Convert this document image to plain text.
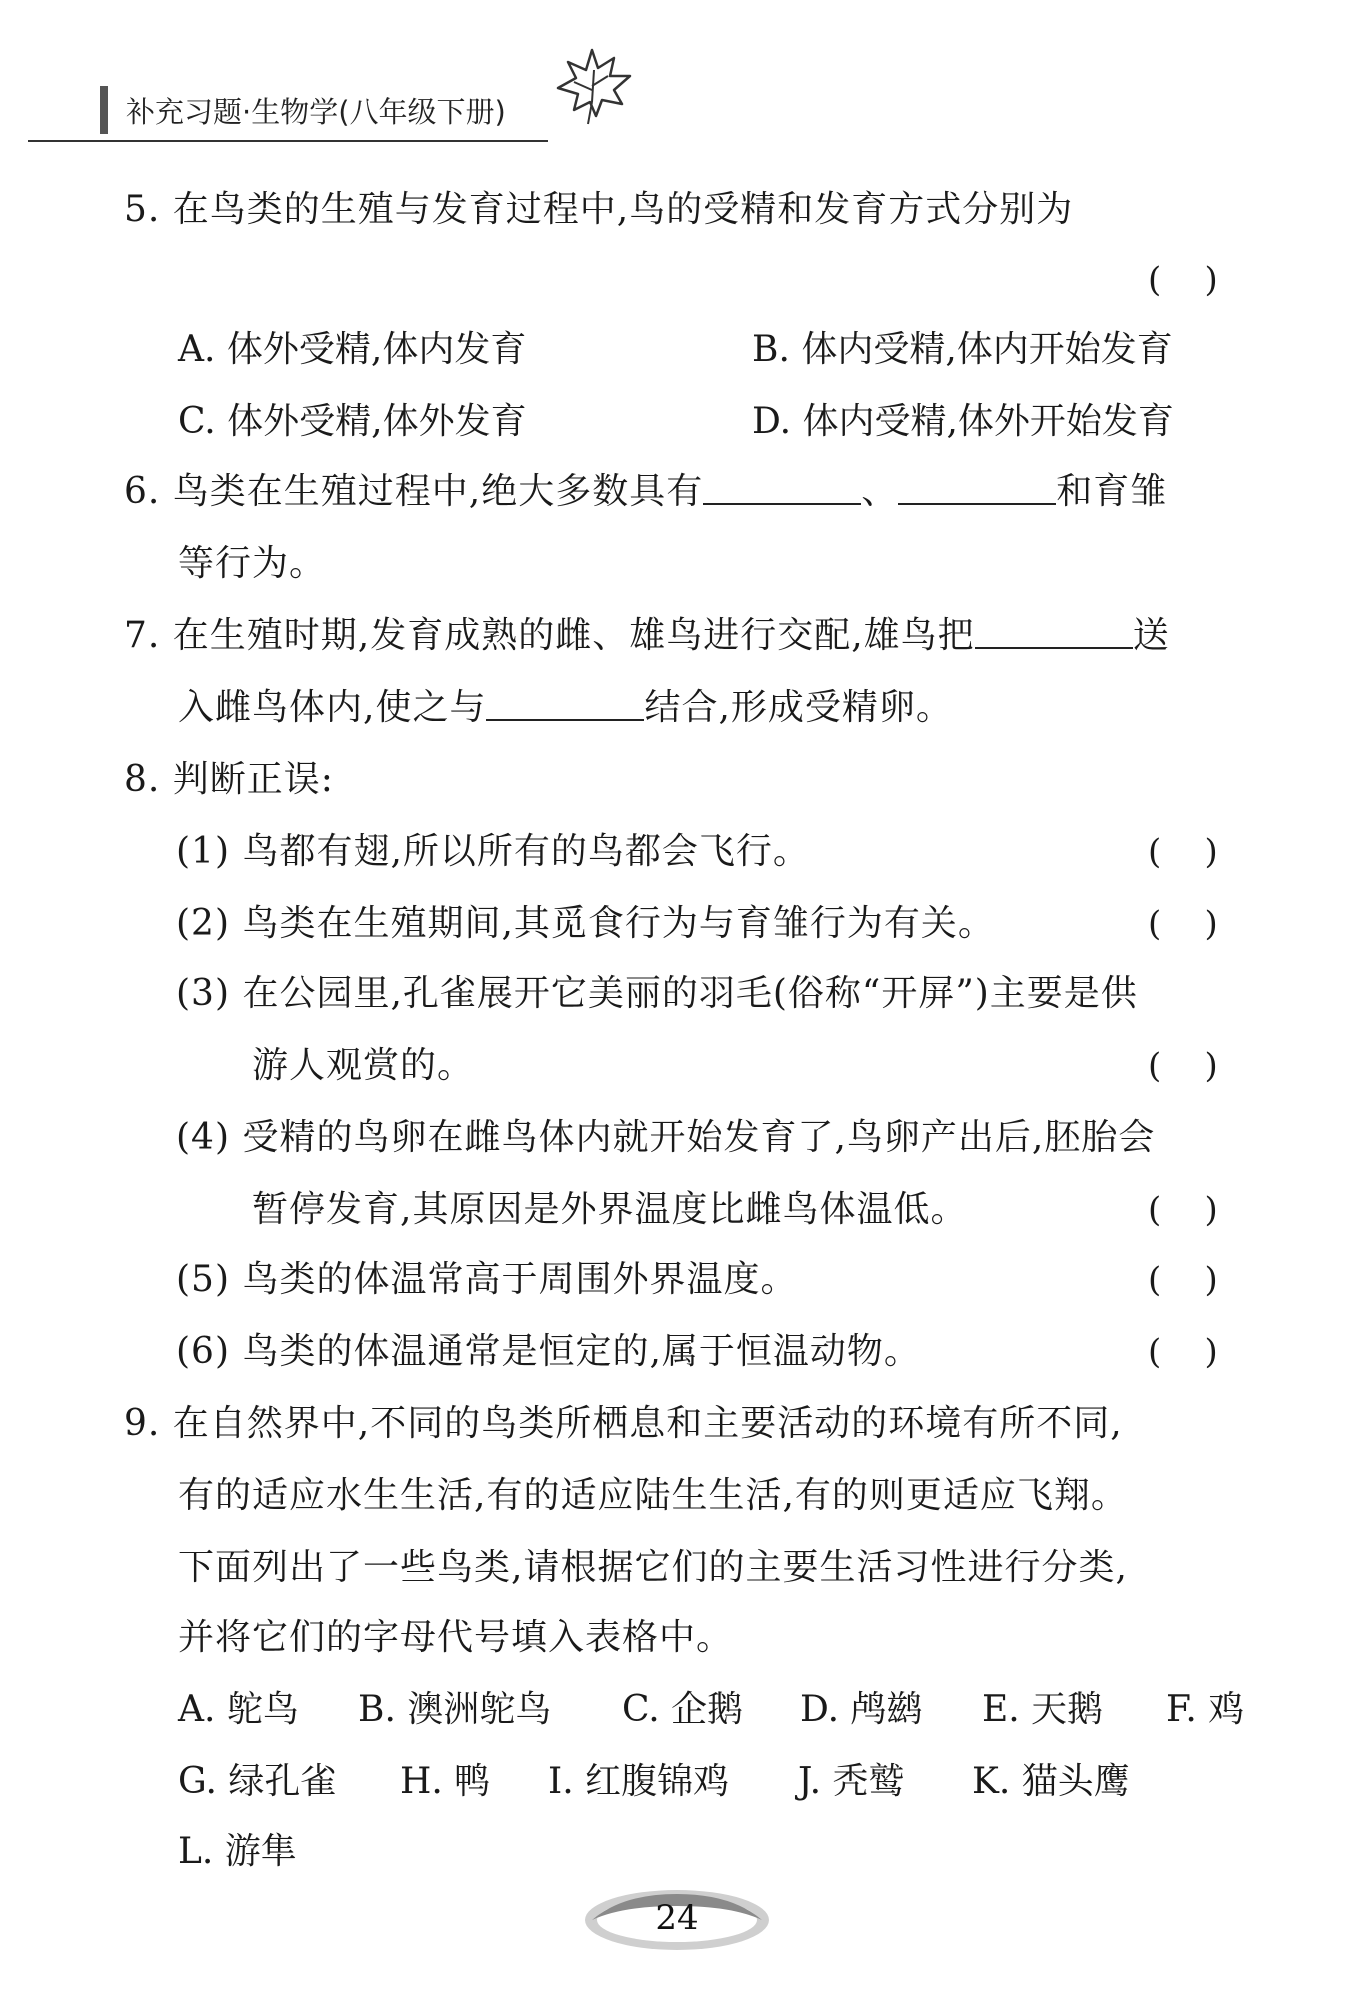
补充习题·生物学(八年级下册)
5. 在鸟类的生殖与发育过程中,鸟的受精和发育方式分别为
(    )
A. 体外受精,体内发育	B. 体内受精,体内开始发育
C. 体外受精,体外发育	D. 体内受精,体外开始发育
6. 鸟类在生殖过程中,绝大多数具有	、	和育雏
等行为。
7. 在生殖时期,发育成熟的雌、雄鸟进行交配,雄鸟把	送
入雌鸟体内,使之与	结合,形成受精卵。
8. 判断正误:
(1) 鸟都有翅,所以所有的鸟都会飞行。	(    )
(2) 鸟类在生殖期间,其觅食行为与育雏行为有关。	(    )
(3) 在公园里,孔雀展开它美丽的羽毛(俗称“开屏”)主要是供
游人观赏的。	(    )
(4) 受精的鸟卵在雌鸟体内就开始发育了,鸟卵产出后,胚胎会
暂停发育,其原因是外界温度比雌鸟体温低。	(    )
(5) 鸟类的体温常高于周围外界温度。	(    )
(6) 鸟类的体温通常是恒定的,属于恒温动物。	(    )
9. 在自然界中,不同的鸟类所栖息和主要活动的环境有所不同,
有的适应水生生活,有的适应陆生生活,有的则更适应飞翔。
下面列出了一些鸟类,请根据它们的主要生活习性进行分类,
并将它们的字母代号填入表格中。
A. 鸵鸟 B. 澳洲鸵鸟 C. 企鹅 D. 鸬鹚 E. 天鹅 F. 鸡
G. 绿孔雀 H. 鸭 I. 红腹锦鸡 J. 秃鹫 K. 猫头鹰
L. 游隼
24
